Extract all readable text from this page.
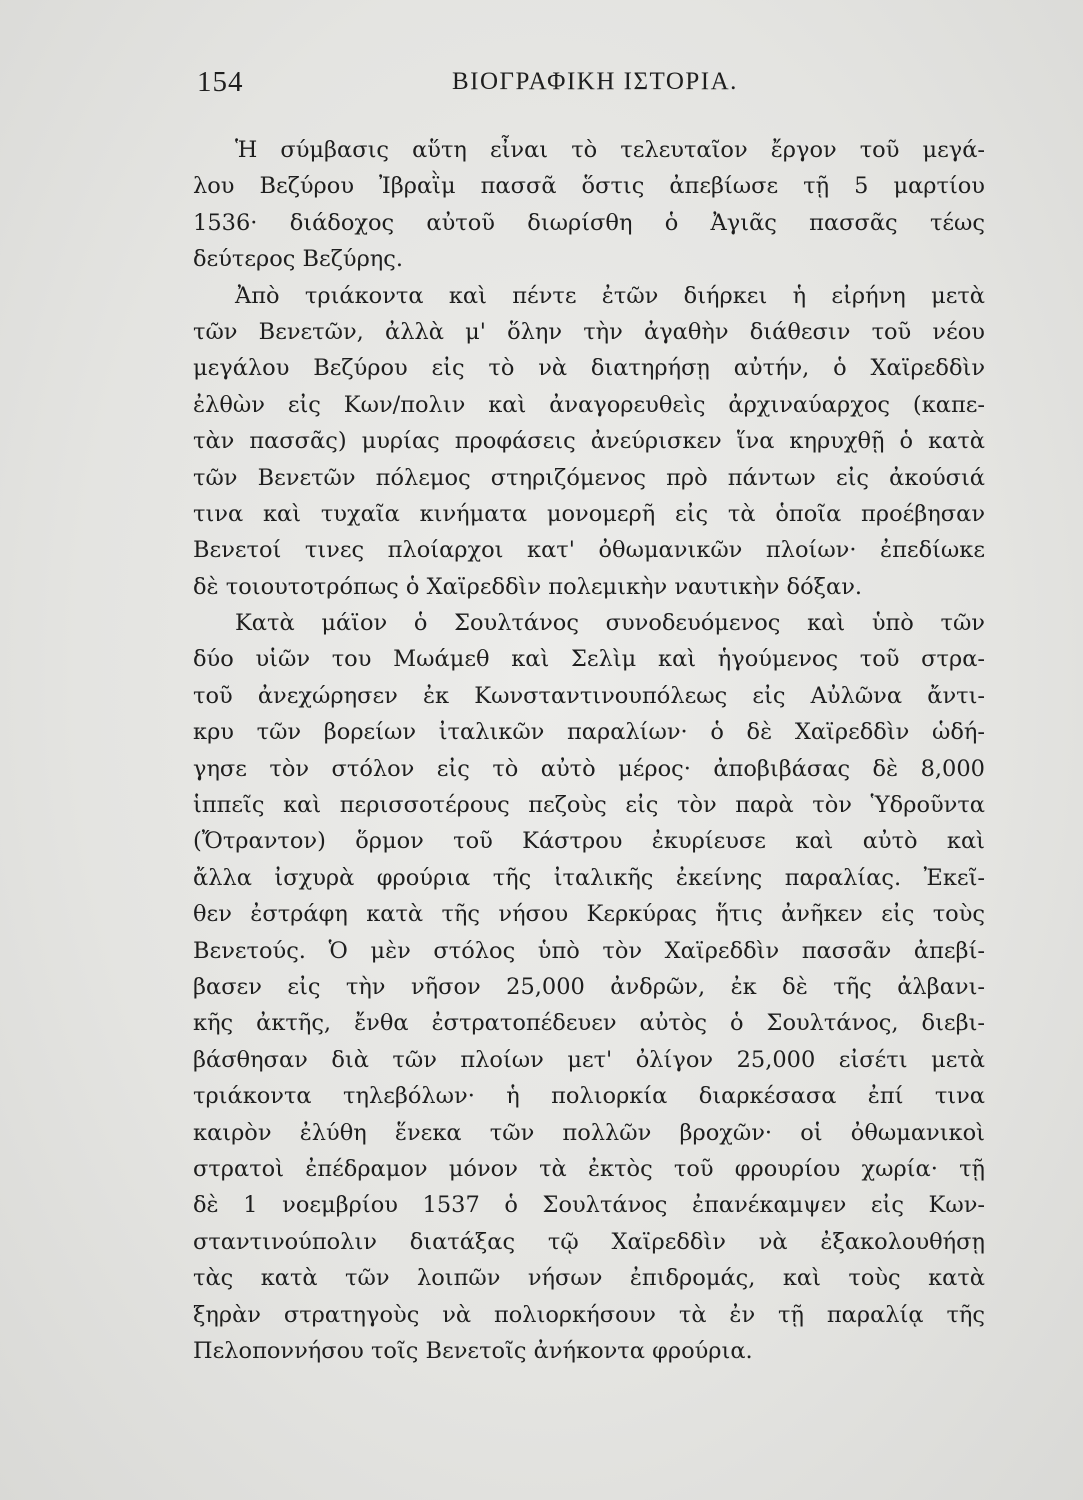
154	ΒΙΟΓΡΑΦΙΚΗ ΙΣΤΟΡΙΑ.
Ἡ σύμβασις αὕτη εἶναι τὸ τελευταῖον ἔργον τοῦ μεγά-
λου Βεζύρου Ἰβραῒμ πασσᾶ ὅστις ἀπεβίωσε τῇ 5 μαρτίου
1536· διάδοχος αὐτοῦ διωρίσθη ὁ Ἀγιᾶς πασσᾶς τέως
δεύτερος Βεζύρης.
Ἀπὸ τριάκοντα καὶ πέντε ἐτῶν διήρκει ἡ εἰρήνη μετὰ
τῶν Βενετῶν, ἀλλὰ μ' ὅλην τὴν ἀγαθὴν διάθεσιν τοῦ νέου
μεγάλου Βεζύρου εἰς τὸ νὰ διατηρήσῃ αὐτήν, ὁ Χαϊρεδδὶν
ἐλθὼν εἰς Κων/πολιν καὶ ἀναγορευθεὶς ἀρχιναύαρχος (καπε-
τὰν πασσᾶς) μυρίας προφάσεις ἀνεύρισκεν ἵνα κηρυχθῇ ὁ κατὰ
τῶν Βενετῶν πόλεμος στηριζόμενος πρὸ πάντων εἰς ἀκούσιά
τινα καὶ τυχαῖα κινήματα μονομερῆ εἰς τὰ ὁποῖα προέβησαν
Βενετοί τινες πλοίαρχοι κατ' ὀθωμανικῶν πλοίων· ἐπεδίωκε
δὲ τοιουτοτρόπως ὁ Χαϊρεδδὶν πολεμικὴν ναυτικὴν δόξαν.
Κατὰ μάϊον ὁ Σουλτάνος συνοδευόμενος καὶ ὑπὸ τῶν
δύο υἱῶν του Μωάμεθ καὶ Σελὶμ καὶ ἡγούμενος τοῦ στρα-
τοῦ ἀνεχώρησεν ἐκ Κωνσταντινουπόλεως εἰς Αὐλῶνα ἄντι-
κρυ τῶν βορείων ἰταλικῶν παραλίων· ὁ δὲ Χαϊρεδδὶν ὡδή-
γησε τὸν στόλον εἰς τὸ αὐτὸ μέρος· ἀποβιβάσας δὲ 8,000
ἱππεῖς καὶ περισσοτέρους πεζοὺς εἰς τὸν παρὰ τὸν Ὑδροῦντα
(Ὄτραντον) ὅρμον τοῦ Κάστρου ἐκυρίευσε καὶ αὐτὸ καὶ
ἄλλα ἰσχυρὰ φρούρια τῆς ἰταλικῆς ἐκείνης παραλίας. Ἐκεῖ-
θεν ἐστράφη κατὰ τῆς νήσου Κερκύρας ἥτις ἀνῆκεν εἰς τοὺς
Βενετούς. Ὁ μὲν στόλος ὑπὸ τὸν Χαϊρεδδὶν πασσᾶν ἀπεβί-
βασεν εἰς τὴν νῆσον 25,000 ἀνδρῶν, ἐκ δὲ τῆς ἀλβανι-
κῆς ἀκτῆς, ἔνθα ἐστρατοπέδευεν αὐτὸς ὁ Σουλτάνος, διεβι-
βάσθησαν διὰ τῶν πλοίων μετ' ὀλίγον 25,000 εἰσέτι μετὰ
τριάκοντα τηλεβόλων· ἡ πολιορκία διαρκέσασα ἐπί τινα
καιρὸν ἐλύθη ἕνεκα τῶν πολλῶν βροχῶν· οἱ ὀθωμανικοὶ
στρατοὶ ἐπέδραμον μόνον τὰ ἐκτὸς τοῦ φρουρίου χωρία· τῇ
δὲ 1 νοεμβρίου 1537 ὁ Σουλτάνος ἐπανέκαμψεν εἰς Κων-
σταντινούπολιν διατάξας τῷ Χαϊρεδδὶν νὰ ἐξακολουθήσῃ
τὰς κατὰ τῶν λοιπῶν νήσων ἐπιδρομάς, καὶ τοὺς κατὰ
ξηρὰν στρατηγοὺς νὰ πολιορκήσουν τὰ ἐν τῇ παραλίᾳ τῆς
Πελοποννήσου τοῖς Βενετοῖς ἀνήκοντα φρούρια.
